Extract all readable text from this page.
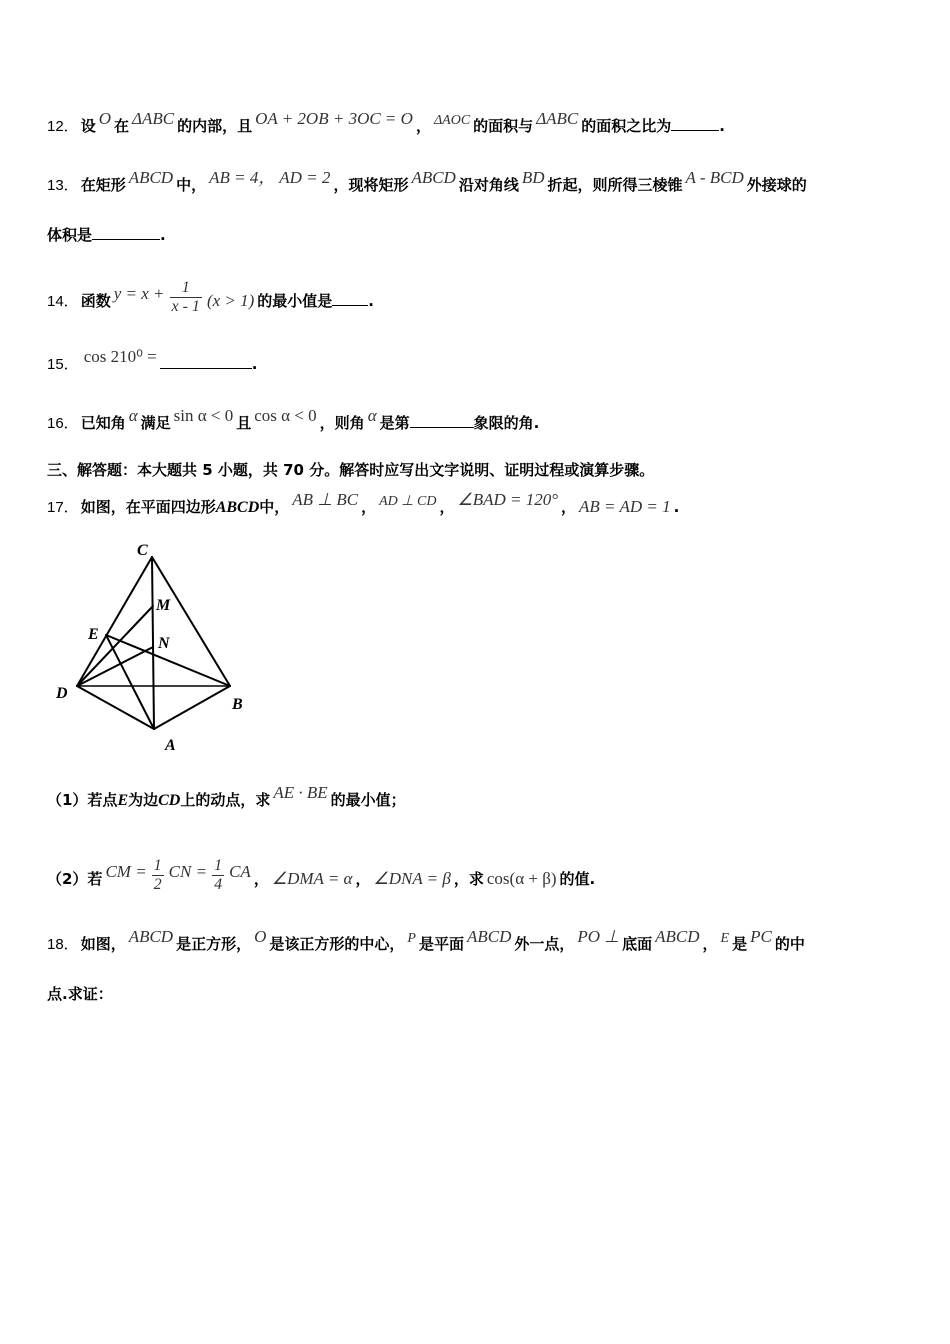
12． 设 O 在 ΔABC 的内部，且 OA + 2OB + 3OC = O ， ΔAOC 的面积与 ΔABC 的面积之比为	.
13． 在矩形 ABCD 中， AB = 4， AD = 2 ，现将矩形 ABCD 沿对角线 BD 折起，则所得三棱锥 A - BCD 外接球的
体积是	.
14． 函数 $y = x + \frac{1}{x - 1} (x > 1)$ 的最小值是 .
15． cos 210⁰ =	.
16． 已知角 α 满足 sin α < 0 且 cos α < 0 ，则角 α 是第	象限的角.
三、解答题：本大题共 5 小题，共 70 分。解答时应写出文字说明、证明过程或演算步骤。
17． 如图，在平面四边形ABCD中， AB ⊥ BC ， AD ⊥ CD ， ∠BAD = 120° ， AB = AD = 1 .
C
M
E
N
D
B
A
（1）若点E为边CD上的动点，求 AE · BE 的最小值；
（2）若 CM = $\frac{1}{2}$ CN = $\frac{1}{4}$ CA ， ∠DMA = α ， ∠DNA = β ，求 cos(α + β) 的值.
18． 如图， ABCD 是正方形， O 是该正方形的中心， P 是平面 ABCD 外一点， PO ⊥ 底面 ABCD ， E 是 PC 的中
点.求证：
